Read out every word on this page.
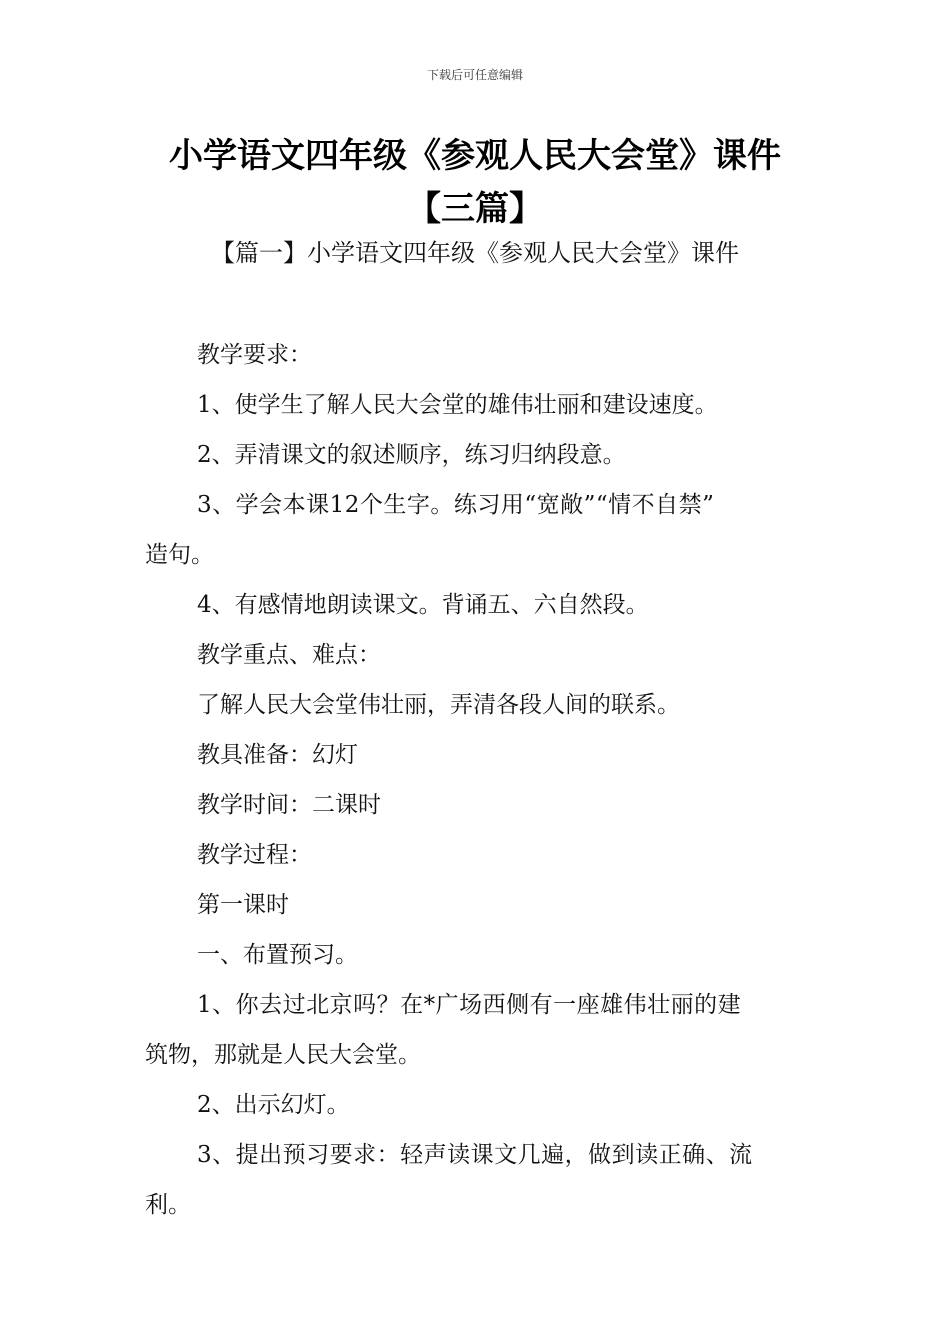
下载后可任意编辑
小学语文四年级《参观人民大会堂》课件
【三篇】
【篇一】小学语文四年级《参观人民大会堂》课件

教学要求：

1、使学生了解人民大会堂的雄伟壮丽和建设速度。

2、弄清课文的叙述顺序，练习归纳段意。

3、学会本课12个生字。练习用“宽敞”“情不自禁”

造句。

4、有感情地朗读课文。背诵五、六自然段。

教学重点、难点：

了解人民大会堂伟壮丽，弄清各段人间的联系。

教具准备：幻灯

教学时间：二课时

教学过程：

第一课时

一、布置预习。

1、你去过北京吗？在*广场西侧有一座雄伟壮丽的建

筑物，那就是人民大会堂。

2、出示幻灯。

3、提出预习要求：轻声读课文几遍，做到读正确、流

利。
